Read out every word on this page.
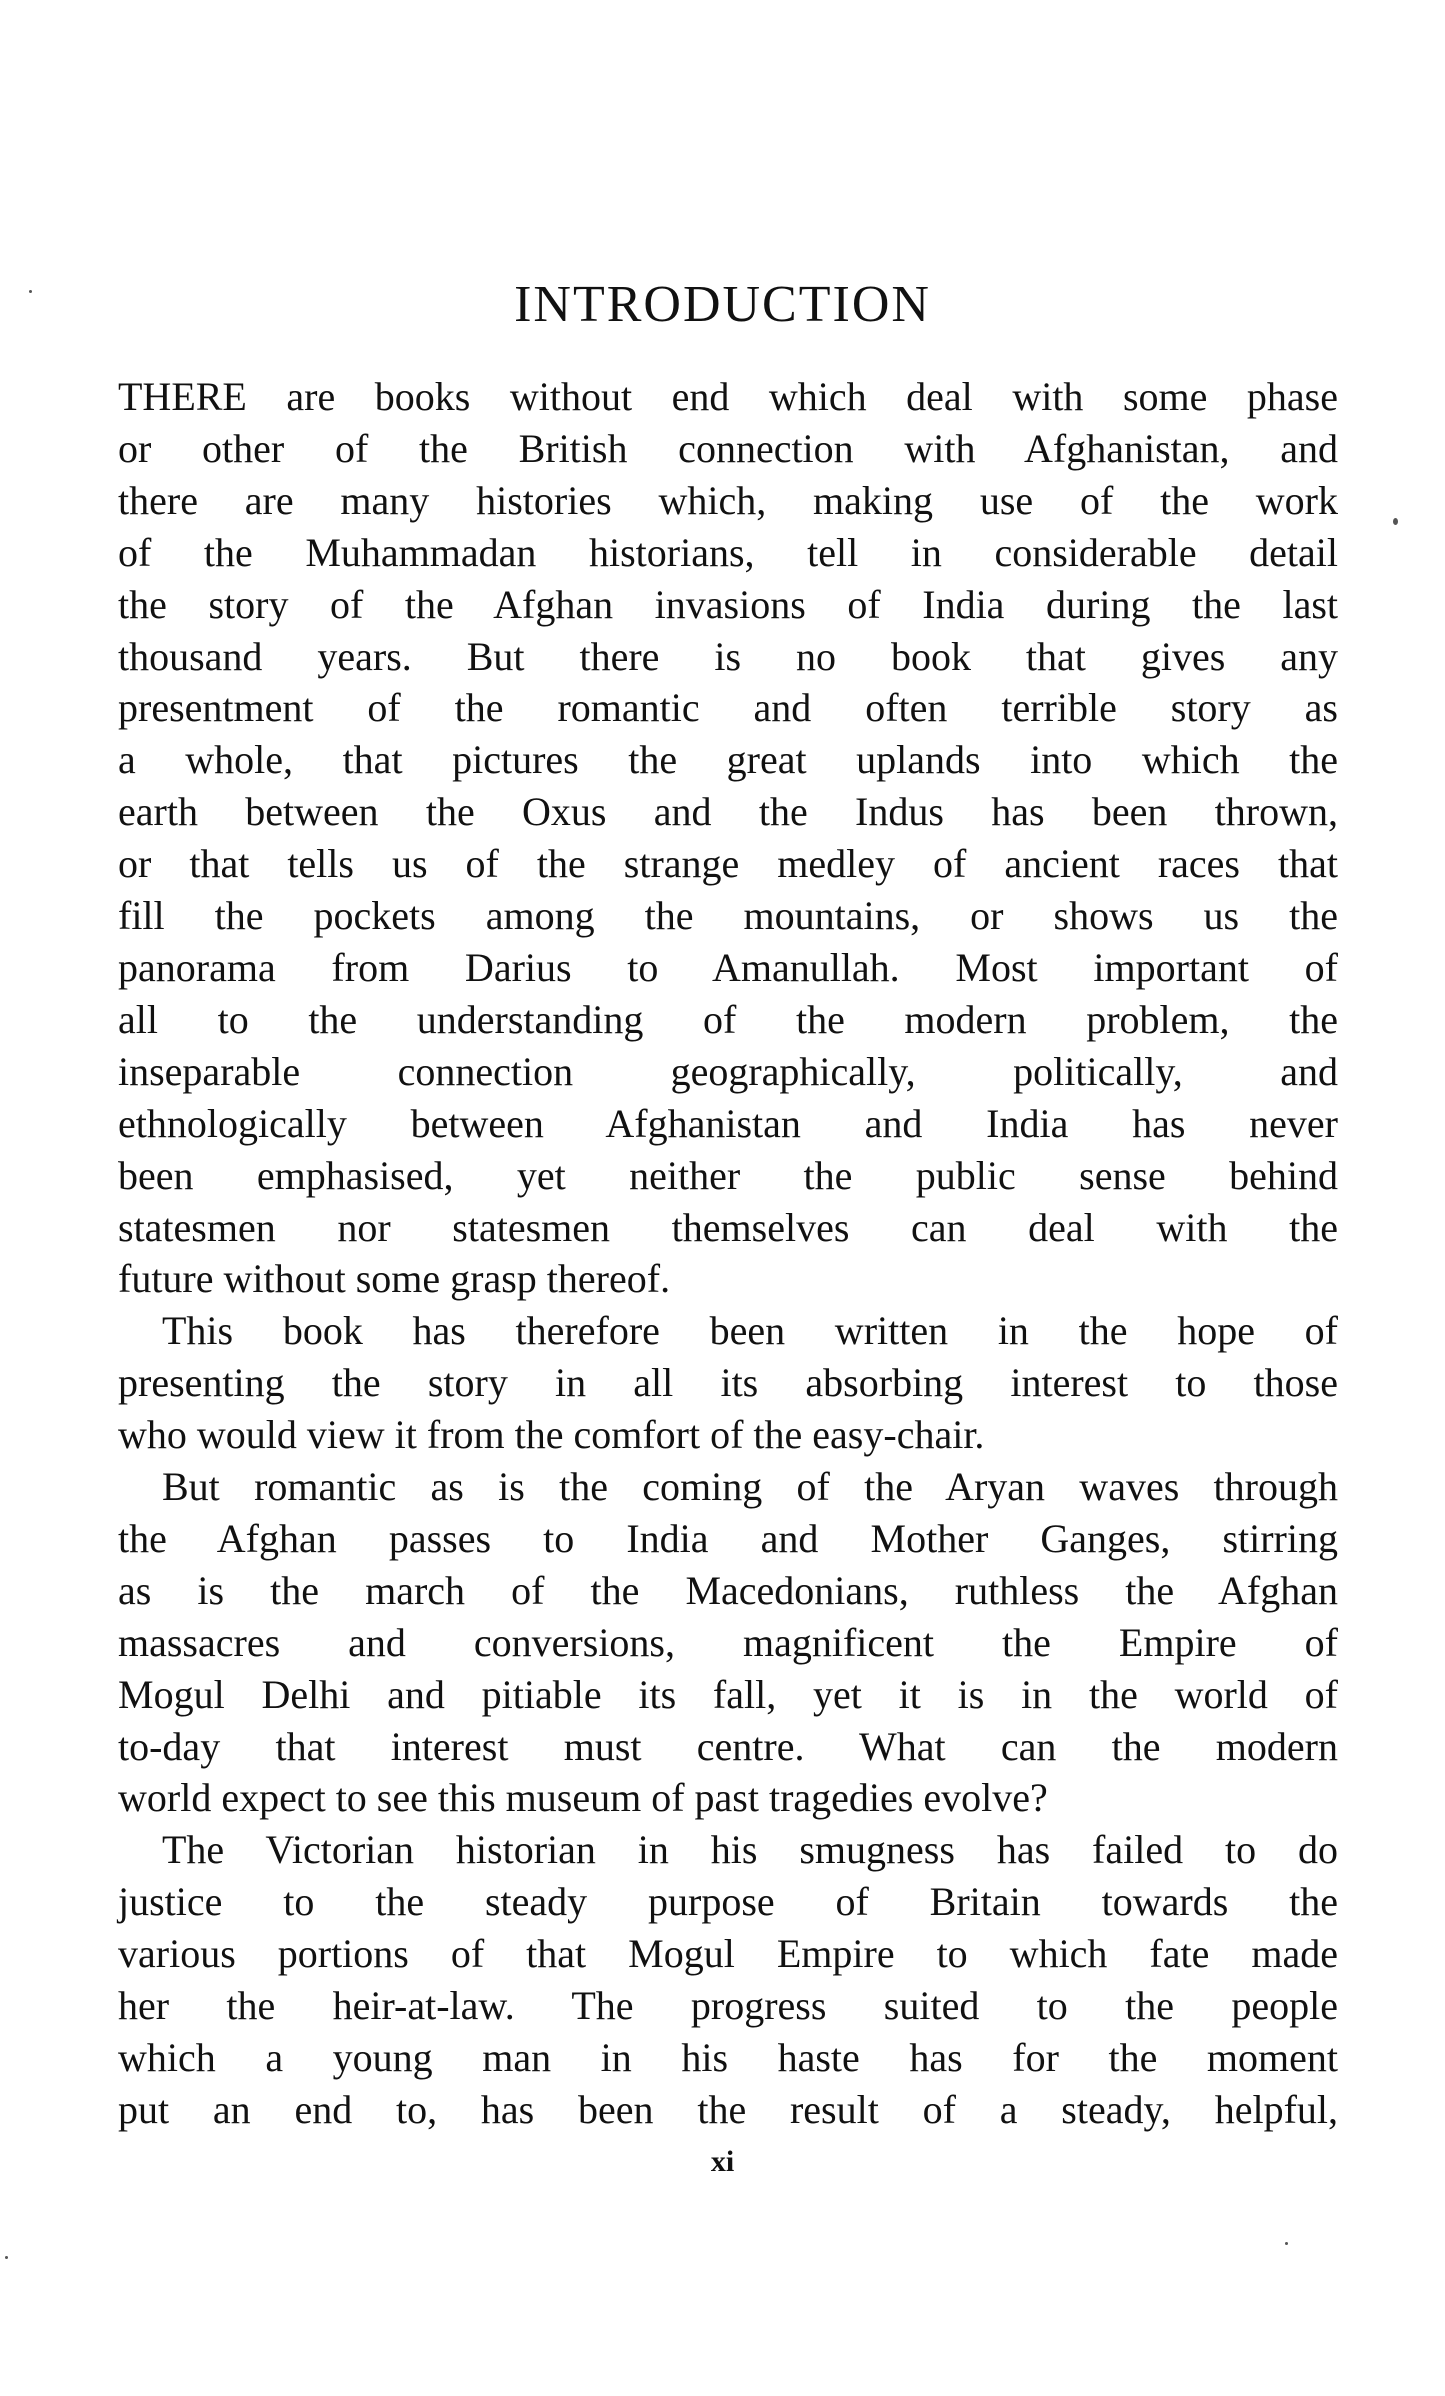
INTRODUCTION

THERE are books without end which deal with some phase
or other of the British connection with Afghanistan, and
there are many histories which, making use of the work
of the Muhammadan historians, tell in considerable detail
the story of the Afghan invasions of India during the last
thousand years. But there is no book that gives any
presentment of the romantic and often terrible story as
a whole, that pictures the great uplands into which the
earth between the Oxus and the Indus has been thrown,
or that tells us of the strange medley of ancient races that
fill the pockets among the mountains, or shows us the
panorama from Darius to Amanullah. Most important of
all to the understanding of the modern problem, the
inseparable connection geographically, politically, and
ethnologically between Afghanistan and India has never
been emphasised, yet neither the public sense behind
statesmen nor statesmen themselves can deal with the
future without some grasp thereof.

This book has therefore been written in the hope of
presenting the story in all its absorbing interest to those
who would view it from the comfort of the easy-chair.

But romantic as is the coming of the Aryan waves through
the Afghan passes to India and Mother Ganges, stirring
as is the march of the Macedonians, ruthless the Afghan
massacres and conversions, magnificent the Empire of
Mogul Delhi and pitiable its fall, yet it is in the world of
to-day that interest must centre. What can the modern
world expect to see this museum of past tragedies evolve?

The Victorian historian in his smugness has failed to do
justice to the steady purpose of Britain towards the
various portions of that Mogul Empire to which fate made
her the heir-at-law. The progress suited to the people
which a young man in his haste has for the moment
put an end to, has been the result of a steady, helpful,

xi
